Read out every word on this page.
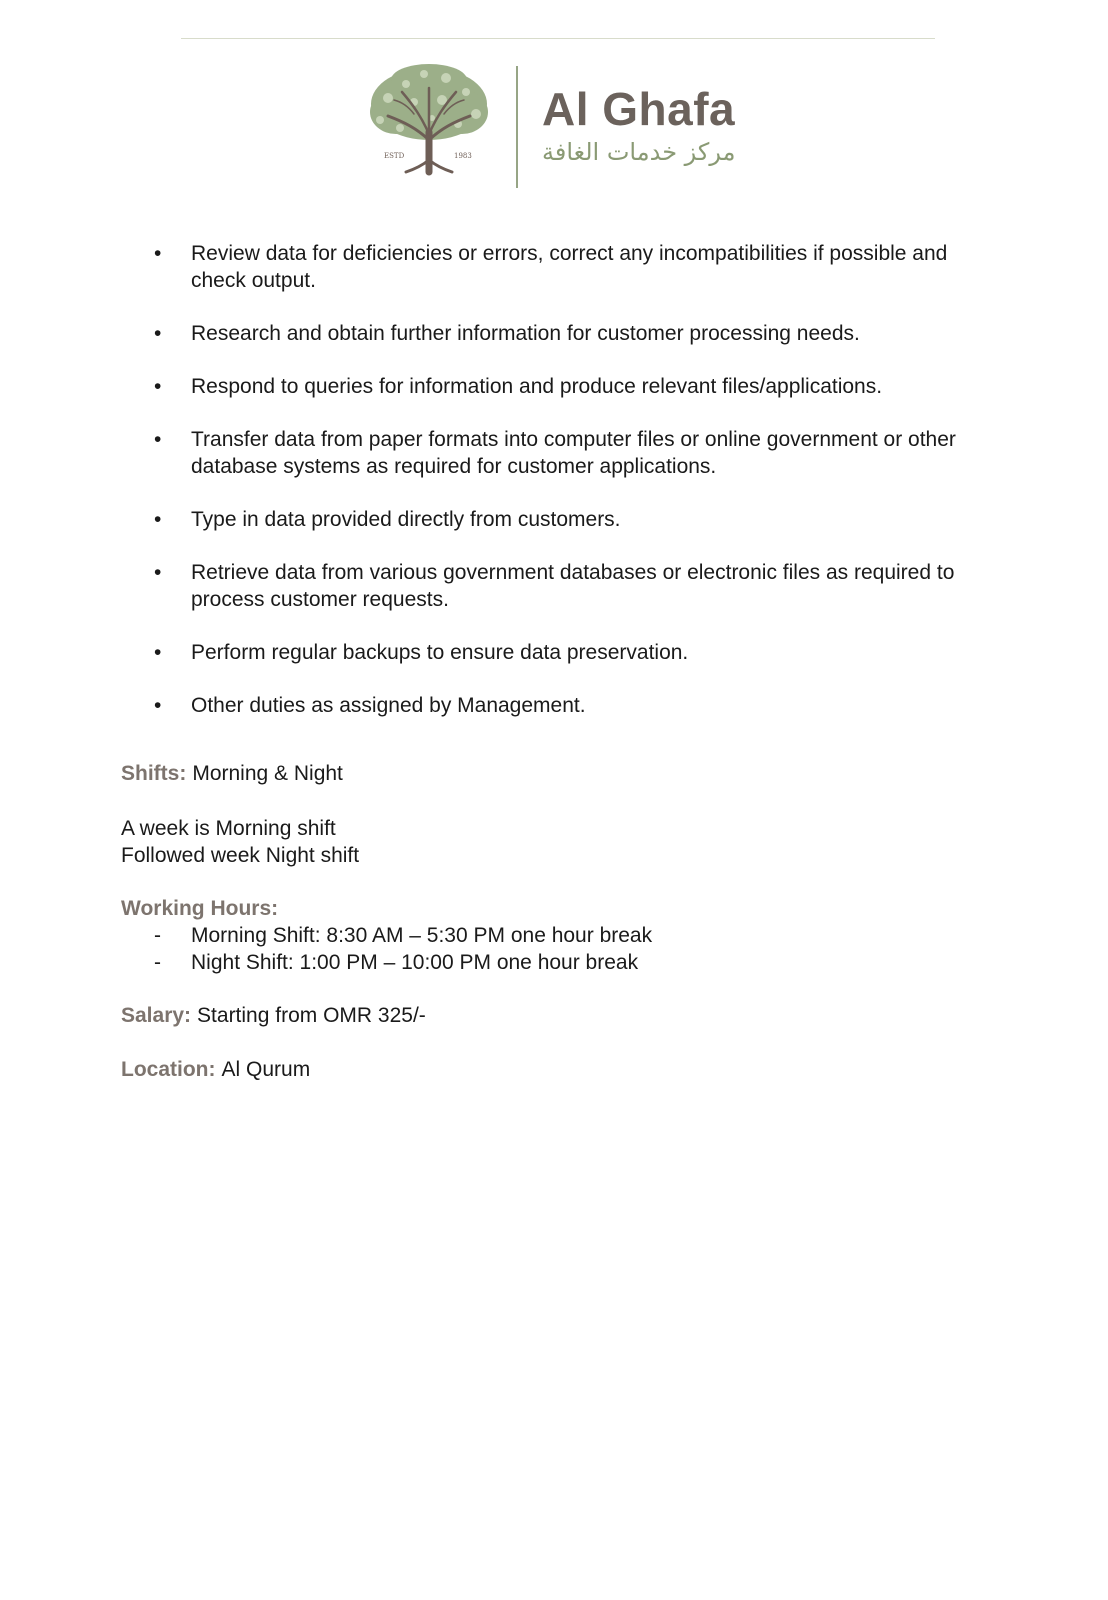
ESTD	1983
Al Ghafa
مركز خدمات الغافة
• Review data for deficiencies or errors, correct any incompatibilities if possible and check output.
• Research and obtain further information for customer processing needs.
• Respond to queries for information and produce relevant files/applications.
• Transfer data from paper formats into computer files or online government or other database systems as required for customer applications.
• Type in data provided directly from customers.
• Retrieve data from various government databases or electronic files as required to process customer requests.
• Perform regular backups to ensure data preservation.
• Other duties as assigned by Management.
Shifts: Morning & Night
A week is Morning shift
Followed week Night shift
Working Hours:
- Morning Shift: 8:30 AM – 5:30 PM one hour break
- Night Shift: 1:00 PM – 10:00 PM one hour break
Salary: Starting from OMR 325/-
Location: Al Qurum
